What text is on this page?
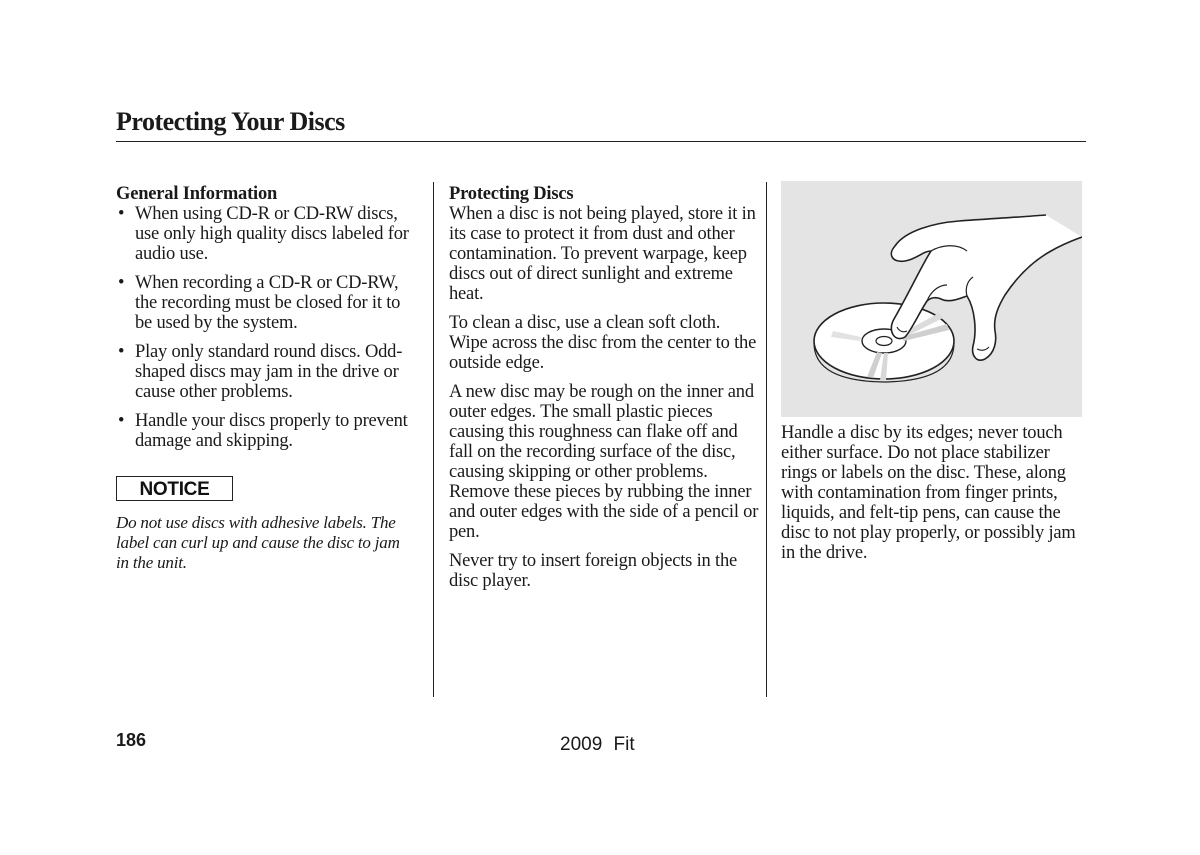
Protecting Your Discs

General Information

• When using CD-R or CD-RW discs, use only high quality discs labeled for audio use.
• When recording a CD-R or CD-RW, the recording must be closed for it to be used by the system.
• Play only standard round discs. Odd-shaped discs may jam in the drive or cause other problems.
• Handle your discs properly to prevent damage and skipping.
NOTICE
Do not use discs with adhesive labels. The label can curl up and cause the disc to jam in the unit.

Protecting Discs

When a disc is not being played, store it in its case to protect it from dust and other contamination. To prevent warpage, keep discs out of direct sunlight and extreme heat.

To clean a disc, use a clean soft cloth. Wipe across the disc from the center to the outside edge.

A new disc may be rough on the inner and outer edges. The small plastic pieces causing this roughness can flake off and fall on the recording surface of the disc, causing skipping or other problems. Remove these pieces by rubbing the inner and outer edges with the side of a pencil or pen.

Never try to insert foreign objects in the disc player.

Handle a disc by its edges; never touch either surface. Do not place stabilizer rings or labels on the disc. These, along with contamination from finger prints, liquids, and felt-tip pens, can cause the disc to not play properly, or possibly jam in the drive.

186	2009 Fit
